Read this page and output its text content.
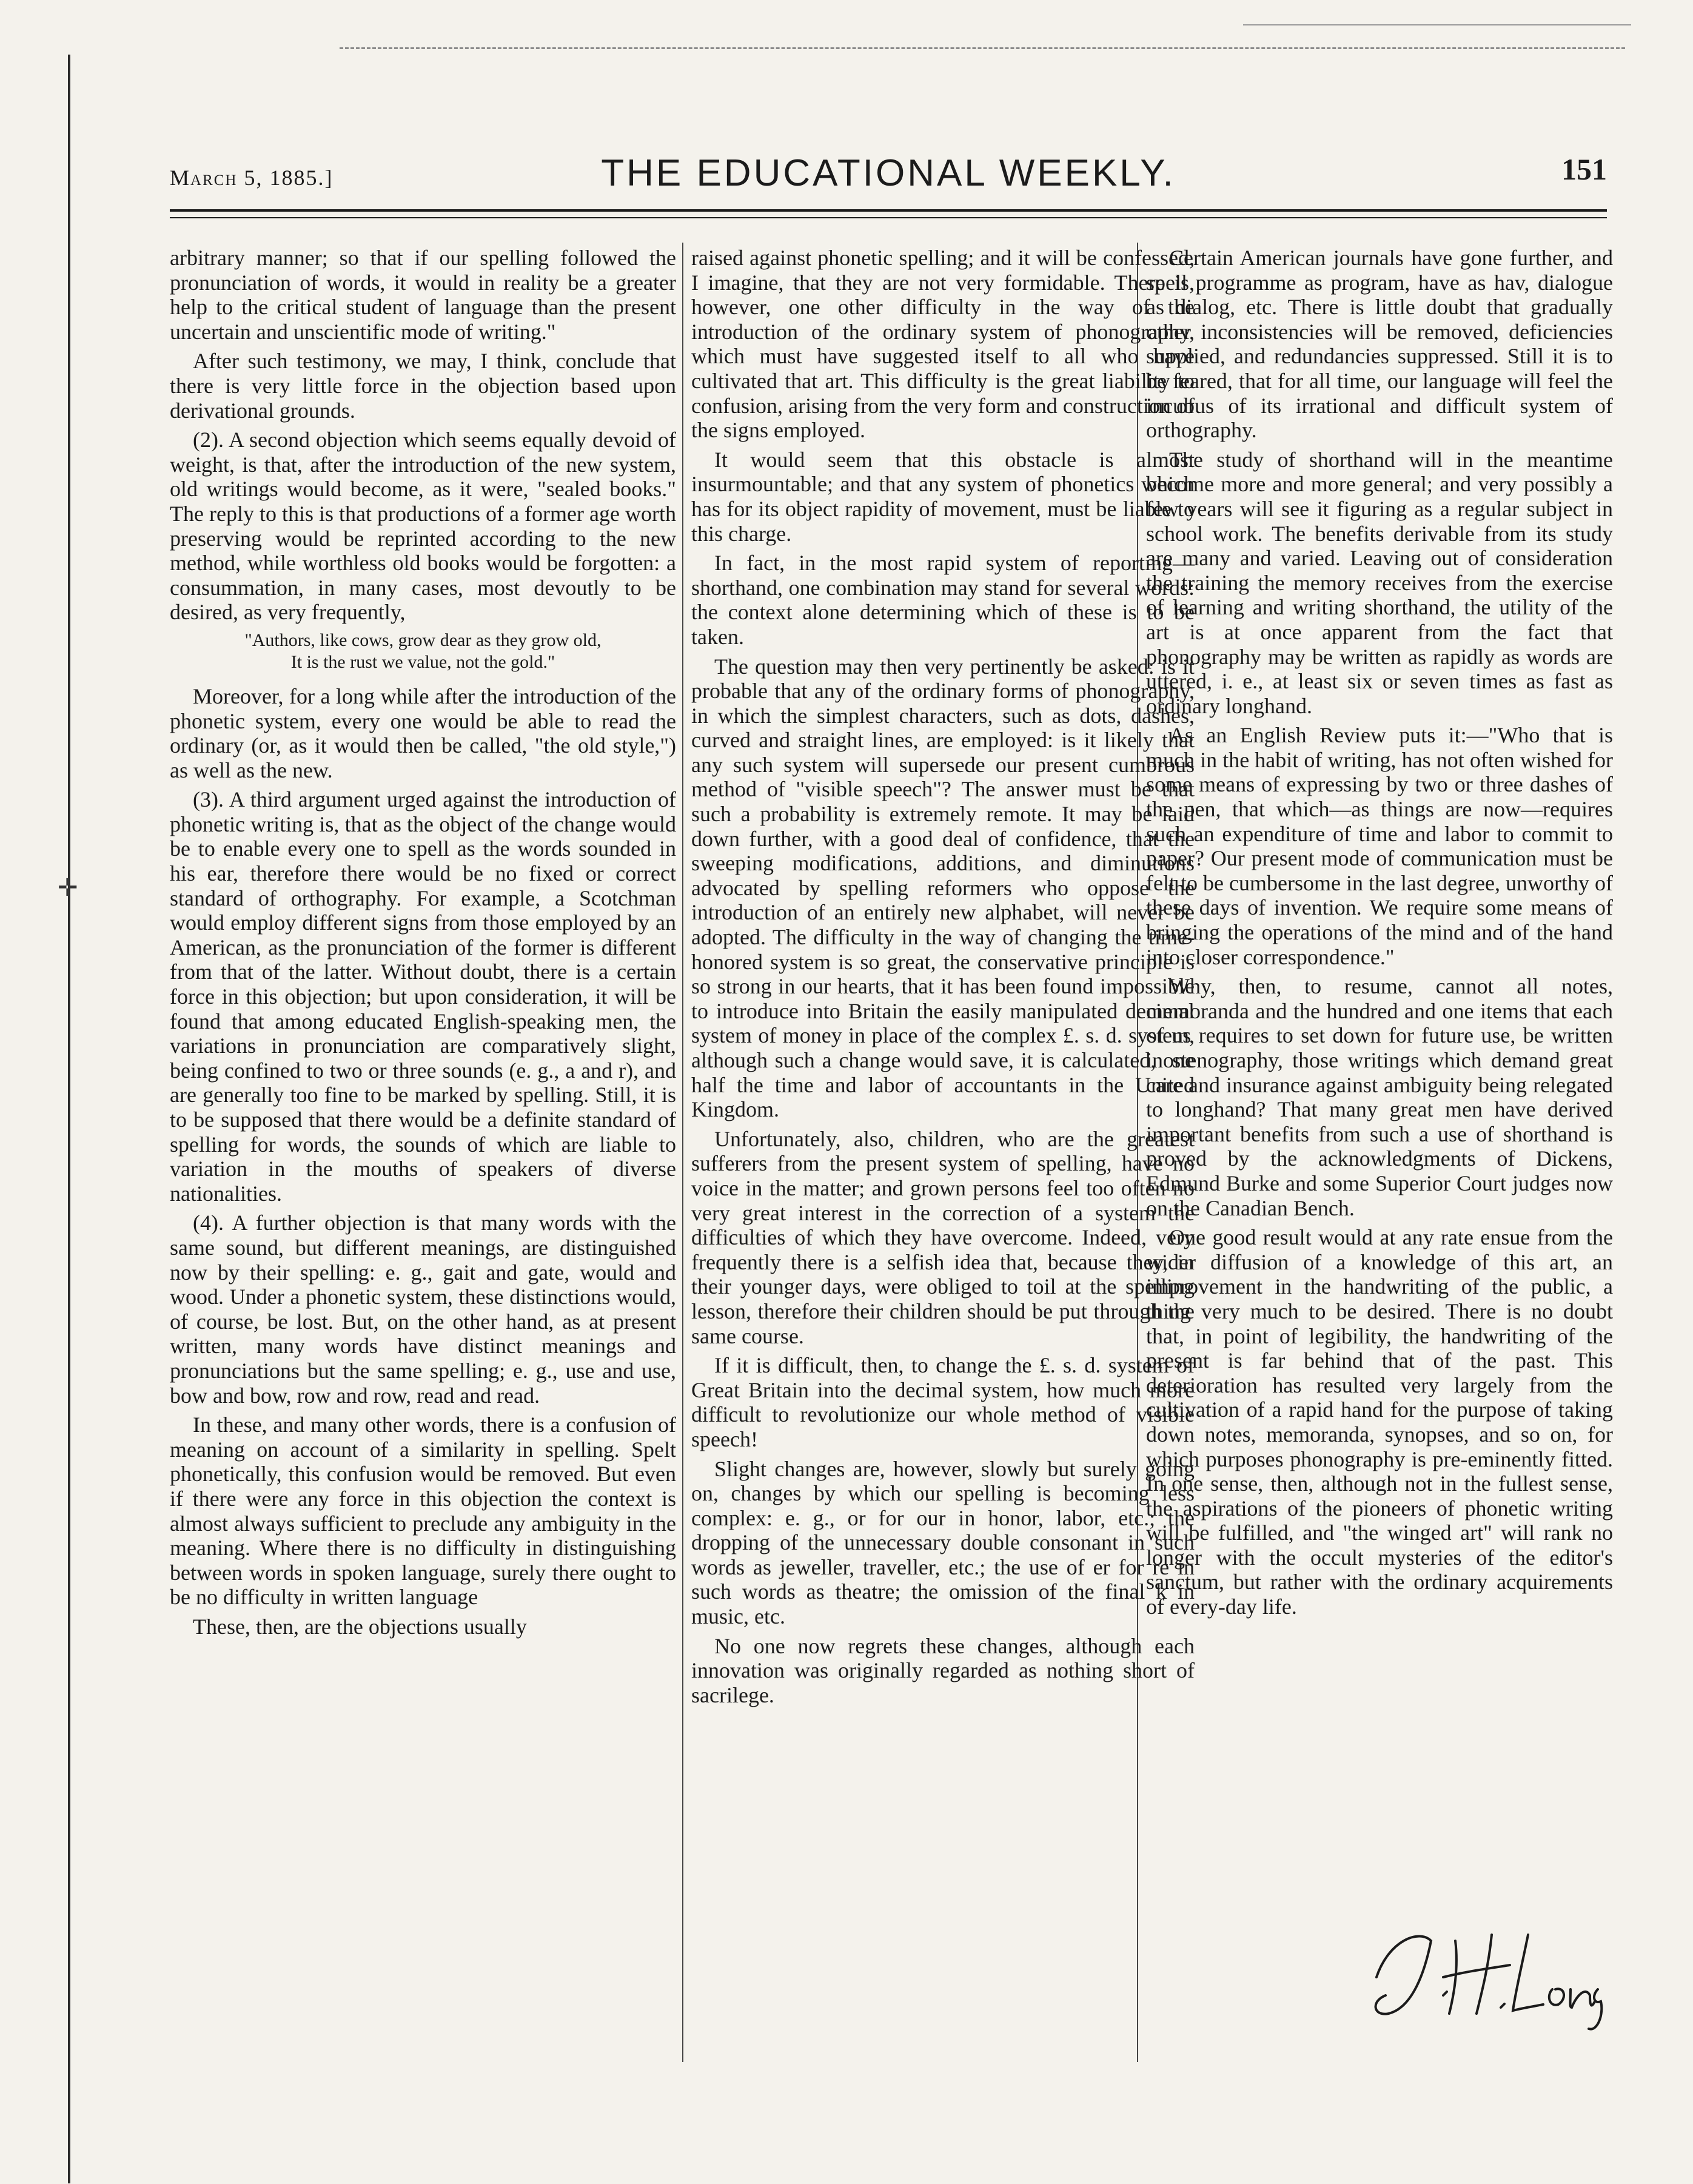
✛
March 5, 1885.]	THE EDUCATIONAL WEEKLY.	151

arbitrary manner; so that if our spelling followed the pronunciation of words, it would in reality be a greater help to the critical student of language than the present uncertain and unscientific mode of writing."

After such testimony, we may, I think, conclude that there is very little force in the objection based upon derivational grounds.

(2). A second objection which seems equally devoid of weight, is that, after the introduction of the new system, old writings would become, as it were, "sealed books." The reply to this is that productions of a former age worth preserving would be reprinted according to the new method, while worthless old books would be forgotten: a consummation, in many cases, most devoutly to be desired, as very frequently,

"Authors, like cows, grow dear as they grow old,
It is the rust we value, not the gold."

Moreover, for a long while after the introduction of the phonetic system, every one would be able to read the ordinary (or, as it would then be called, "the old style,") as well as the new.

(3). A third argument urged against the introduction of phonetic writing is, that as the object of the change would be to enable every one to spell as the words sounded in his ear, therefore there would be no fixed or correct standard of orthography. For example, a Scotchman would employ different signs from those employed by an American, as the pronunciation of the former is different from that of the latter. Without doubt, there is a certain force in this objection; but upon consideration, it will be found that among educated English-speaking men, the variations in pronunciation are comparatively slight, being confined to two or three sounds (e. g., a and r), and are generally too fine to be marked by spelling. Still, it is to be supposed that there would be a definite standard of spelling for words, the sounds of which are liable to variation in the mouths of speakers of diverse nationalities.

(4). A further objection is that many words with the same sound, but different meanings, are distinguished now by their spelling: e. g., gait and gate, would and wood. Under a phonetic system, these distinctions would, of course, be lost. But, on the other hand, as at present written, many words have distinct meanings and pronunciations but the same spelling; e. g., use and use, bow and bow, row and row, read and read.

In these, and many other words, there is a confusion of meaning on account of a similarity in spelling. Spelt phonetically, this confusion would be removed. But even if there were any force in this objection the context is almost always sufficient to preclude any ambiguity in the meaning. Where there is no difficulty in distinguishing between words in spoken language, surely there ought to be no difficulty in written language

These, then, are the objections usually

raised against phonetic spelling; and it will be confessed, I imagine, that they are not very formidable. There is, however, one other difficulty in the way of the introduction of the ordinary system of phonography, which must have suggested itself to all who have cultivated that art. This difficulty is the great liability to confusion, arising from the very form and construction of the signs employed.

It would seem that this obstacle is almost insurmountable; and that any system of phonetics which has for its object rapidity of movement, must be liable to this charge.

In fact, in the most rapid system of reporting—shorthand, one combination may stand for several words: the context alone determining which of these is to be taken.

The question may then very pertinently be asked: is it probable that any of the ordinary forms of phonography, in which the simplest characters, such as dots, dashes, curved and straight lines, are employed: is it likely that any such system will supersede our present cumbrous method of "visible speech"? The answer must be that such a probability is extremely remote. It may be laid down further, with a good deal of confidence, that the sweeping modifications, additions, and diminutions advocated by spelling reformers who oppose the introduction of an entirely new alphabet, will never be adopted. The difficulty in the way of changing the time-honored system is so great, the conservative principle is so strong in our hearts, that it has been found impossible to introduce into Britain the easily manipulated decimal system of money in place of the complex £. s. d. system, although such a change would save, it is calculated, one half the time and labor of accountants in the United Kingdom.

Unfortunately, also, children, who are the greatest sufferers from the present system of spelling, have no voice in the matter; and grown persons feel too often no very great interest in the correction of a system the difficulties of which they have overcome. Indeed, very frequently there is a selfish idea that, because they, in their younger days, were obliged to toil at the spelling lesson, therefore their children should be put through the same course.

If it is difficult, then, to change the £. s. d. system of Great Britain into the decimal system, how much more difficult to revolutionize our whole method of visible speech!

Slight changes are, however, slowly but surely going on, changes by which our spelling is becoming less complex: e. g., or for our in honor, labor, etc.; the dropping of the unnecessary double consonant in such words as jeweller, traveller, etc.; the use of er for re in such words as theatre; the omission of the final k in music, etc.

No one now regrets these changes, although each innovation was originally regarded as nothing short of sacrilege.

Certain American journals have gone further, and spell programme as program, have as hav, dialogue as dialog, etc. There is little doubt that gradually other inconsistencies will be removed, deficiencies supplied, and redundancies suppressed. Still it is to be feared, that for all time, our language will feel the incubus of its irrational and difficult system of orthography.

The study of shorthand will in the meantime become more and more general; and very possibly a few years will see it figuring as a regular subject in school work. The benefits derivable from its study are many and varied. Leaving out of consideration the training the memory receives from the exercise of learning and writing shorthand, the utility of the art is at once apparent from the fact that phonography may be written as rapidly as words are uttered, i. e., at least six or seven times as fast as ordinary longhand.

As an English Review puts it:—"Who that is much in the habit of writing, has not often wished for some means of expressing by two or three dashes of the pen, that which—as things are now—requires such an expenditure of time and labor to commit to paper? Our present mode of communication must be felt to be cumbersome in the last degree, unworthy of these days of invention. We require some means of bringing the operations of the mind and of the hand into closer correspondence."

Why, then, to resume, cannot all notes, memoranda and the hundred and one items that each of us requires to set down for future use, be written in stenography, those writings which demand great care and insurance against ambiguity being relegated to longhand? That many great men have derived important benefits from such a use of shorthand is proved by the acknowledgments of Dickens, Edmund Burke and some Superior Court judges now on the Canadian Bench.

One good result would at any rate ensue from the wider diffusion of a knowledge of this art, an improvement in the handwriting of the public, a thing very much to be desired. There is no doubt that, in point of legibility, the handwriting of the present is far behind that of the past. This deterioration has resulted very largely from the cultivation of a rapid hand for the purpose of taking down notes, memoranda, synopses, and so on, for which purposes phonography is pre-eminently fitted. In one sense, then, although not in the fullest sense, the aspirations of the pioneers of phonetic writing will be fulfilled, and "the winged art" will rank no longer with the occult mysteries of the editor's sanctum, but rather with the ordinary acquirements of every-day life.
